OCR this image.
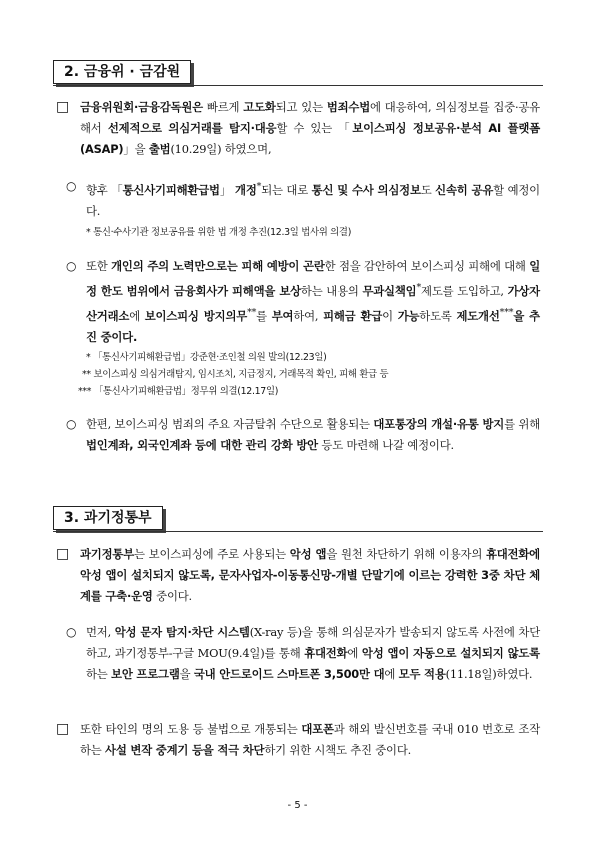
2. 금융위 · 금감원
□ 금융위원회·금융감독원은 빠르게 고도화되고 있는 범죄수법에 대응하여, 의심정보를 집중·공유해서 선제적으로 의심거래를 탐지·대응할 수 있는 「보이스피싱 정보공유·분석 AI 플랫폼(ASAP)」을 출범(10.29일) 하였으며,
○ 향후 「통신사기피해환급법」 개정*되는 대로 통신 및 수사 의심정보도 신속히 공유할 예정이다.
* 통신·수사기관 정보공유를 위한 법 개정 추진(12.3일 법사위 의결)
○ 또한 개인의 주의 노력만으로는 피해 예방이 곤란한 점을 감안하여 보이스피싱 피해에 대해 일정 한도 범위에서 금융회사가 피해액을 보상하는 내용의 무과실책임*제도를 도입하고, 가상자산거래소에 보이스피싱 방지의무**를 부여하여, 피해금 환급이 가능하도록 제도개선***을 추진 중이다.
* 「통신사기피해환급법」강준현·조인철 의원 발의(12.23일)
** 보이스피싱 의심거래탐지, 임시조치, 지급정지, 거래목적 확인, 피해 환급 등
*** 「통신사기피해환급법」정무위 의결(12.17일)
○ 한편, 보이스피싱 범죄의 주요 자금탈취 수단으로 활용되는 대포통장의 개설·유통 방지를 위해 법인계좌, 외국인계좌 등에 대한 관리 강화 방안 등도 마련해 나갈 예정이다.
3. 과기정통부
□ 과기정통부는 보이스피싱에 주로 사용되는 악성 앱을 원천 차단하기 위해 이용자의 휴대전화에 악성 앱이 설치되지 않도록, 문자사업자-이동통신망-개별 단말기에 이르는 강력한 3중 차단 체계를 구축·운영 중이다.
○ 먼저, 악성 문자 탐지·차단 시스템(X-ray 등)을 통해 의심문자가 발송되지 않도록 사전에 차단하고, 과기정통부-구글 MOU(9.4일)를 통해 휴대전화에 악성 앱이 자동으로 설치되지 않도록하는 보안 프로그램을 국내 안드로이드 스마트폰 3,500만 대에 모두 적용(11.18일)하였다.
□ 또한 타인의 명의 도용 등 불법으로 개통되는 대포폰과 해외 발신번호를 국내 010 번호로 조작하는 사설 변작 중계기 등을 적극 차단하기 위한 시책도 추진 중이다.
- 5 -
